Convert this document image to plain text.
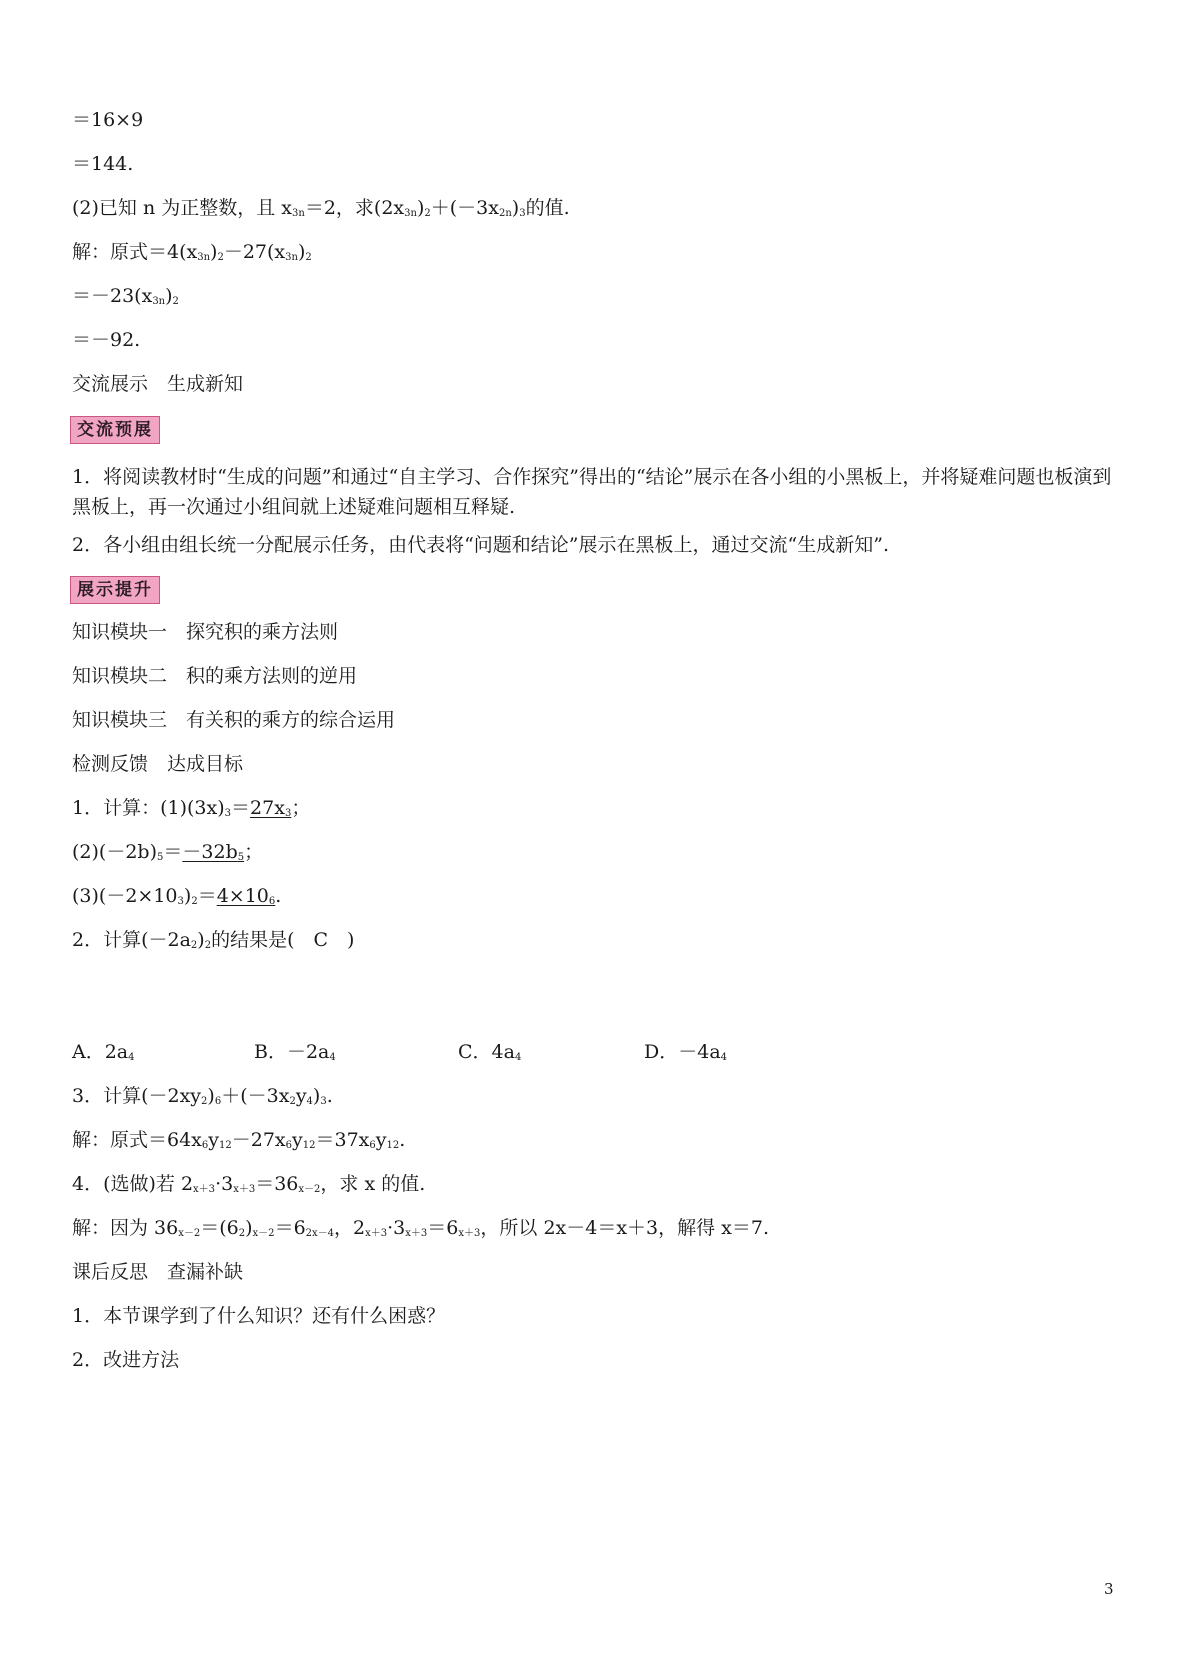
＝16×9
＝144.
(2)已知 n 为正整数，且 $x^{3n}=2$，求$(2x^{3n})^2+(-3x^{2n})^3$的值.
解：原式$=4(x^{3n})^2-27(x^{3n})^2$
$=-23(x^{3n})^2$
＝－92.
交流展示　生成新知
交流预展
1．将阅读教材时“生成的问题”和通过“自主学习、合作探究”得出的“结论”展示在各小组的小黑板上，并将疑难问题也板演到黑板上，再一次通过小组间就上述疑难问题相互释疑.
2．各小组由组长统一分配展示任务，由代表将“问题和结论”展示在黑板上，通过交流“生成新知”.
展示提升
知识模块一　探究积的乘方法则
知识模块二　积的乘方法则的逆用
知识模块三　有关积的乘方的综合运用
检测反馈　达成目标
1．计算：$(1)(3x)^3=27x^3$；
$(2)(-2b)^5=-32b^5$；
$(3)(-2\times 10^3)^2=4\times 10^6$.
2．计算$(-2a^2)^2$的结果是(　C　)
A．$2a^4$	B．$-2a^4$	C．$4a^4$	D．$-4a^4$
3．计算$(-2xy^2)^6+(-3x^2y^4)^3$.
解：原式$=64x^6y^{12}-27x^6y^{12}=37x^6y^{12}$.
4．(选做)若 $2^{x+3}\cdot 3^{x+3}=36^{x-2}$，求 x 的值.
解：因为 $36^{x-2}=(6^2)^{x-2}=6^{2x-4}$，$2^{x+3}\cdot 3^{x+3}=6^{x+3}$，所以 2x－4＝x＋3，解得 x＝7.
课后反思　查漏补缺
1．本节课学到了什么知识？还有什么困惑？
2．改进方法
3
